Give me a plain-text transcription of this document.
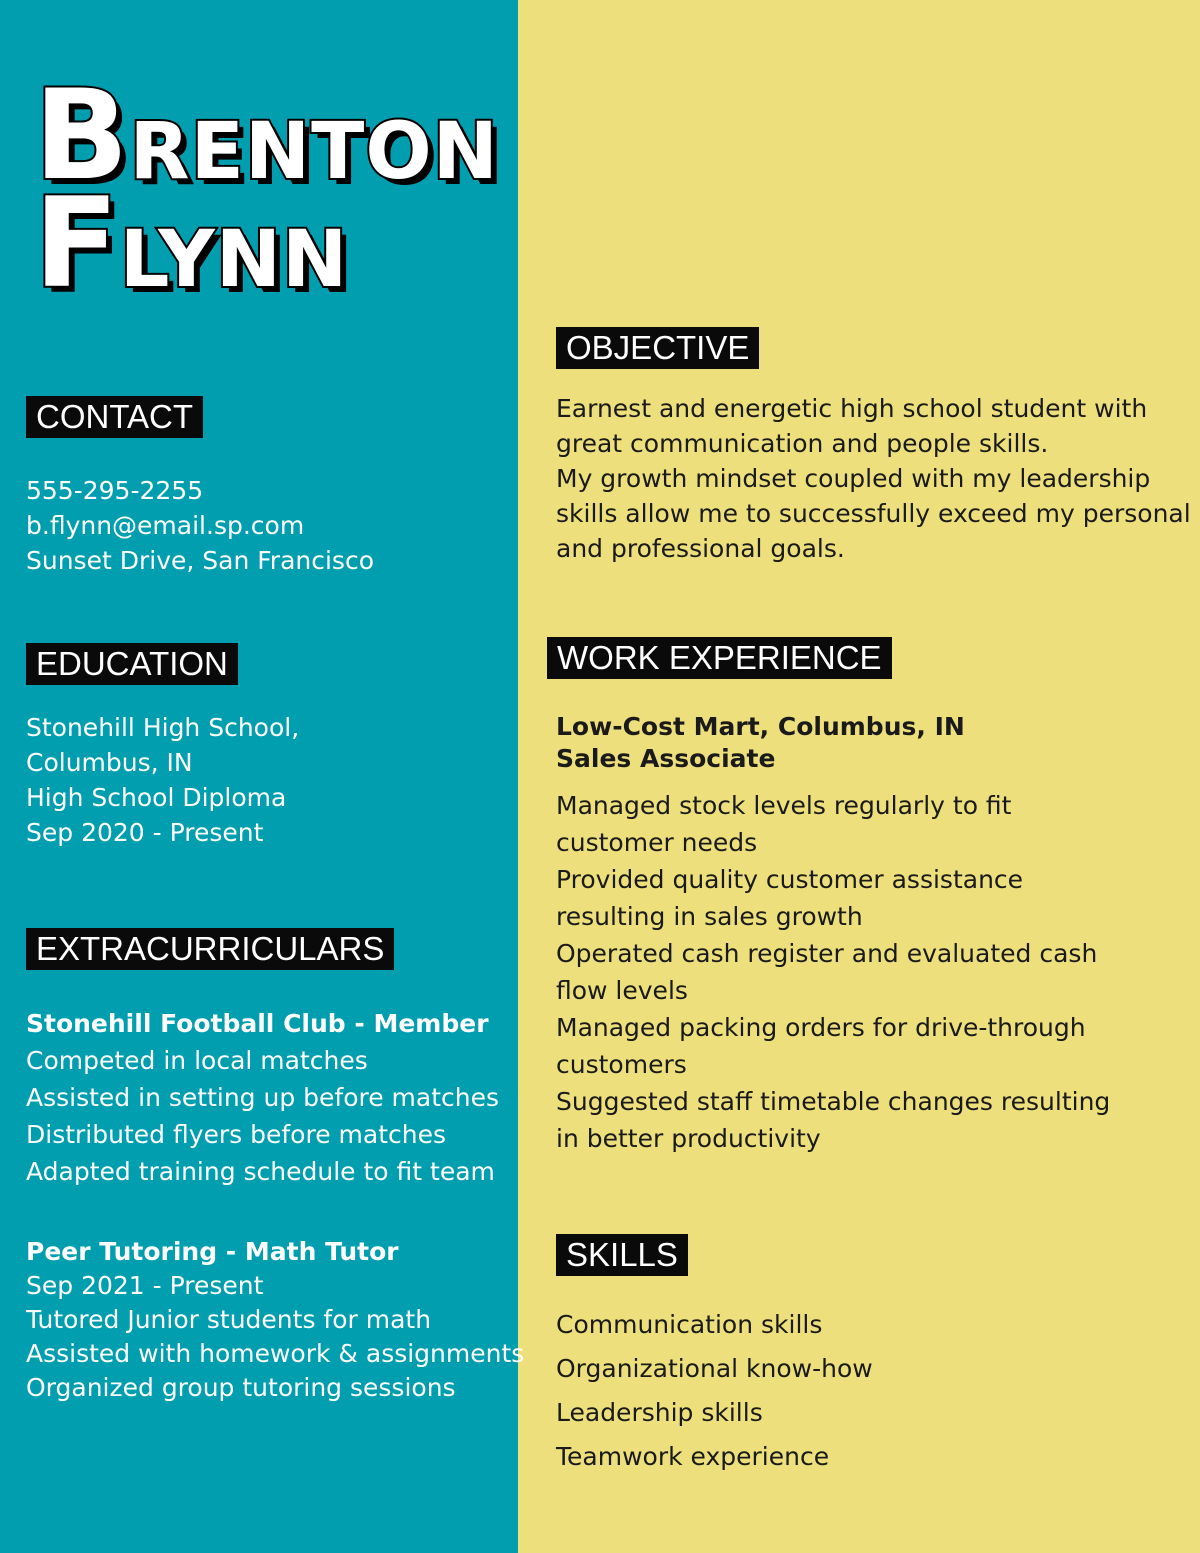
Brenton
Flynn
CONTACT
555-295-2255
b.flynn@email.sp.com
Sunset Drive, San Francisco
EDUCATION
Stonehill High School,
Columbus, IN
High School Diploma
Sep 2020 - Present
EXTRACURRICULARS
Stonehill Football Club - Member
Competed in local matches
Assisted in setting up before matches
Distributed flyers before matches
Adapted training schedule to fit team
Peer Tutoring - Math Tutor
Sep 2021 - Present
Tutored Junior students for math
Assisted with homework & assignments
Organized group tutoring sessions
OBJECTIVE
Earnest and energetic high school student with
great communication and people skills.
My growth mindset coupled with my leadership
skills allow me to successfully exceed my personal
and professional goals.
WORK EXPERIENCE
Low-Cost Mart, Columbus, IN
Sales Associate
Managed stock levels regularly to fit
customer needs
Provided quality customer assistance
resulting in sales growth
Operated cash register and evaluated cash
flow levels
Managed packing orders for drive-through
customers
Suggested staff timetable changes resulting
in better productivity
SKILLS
Communication skills
Organizational know-how
Leadership skills
Teamwork experience
